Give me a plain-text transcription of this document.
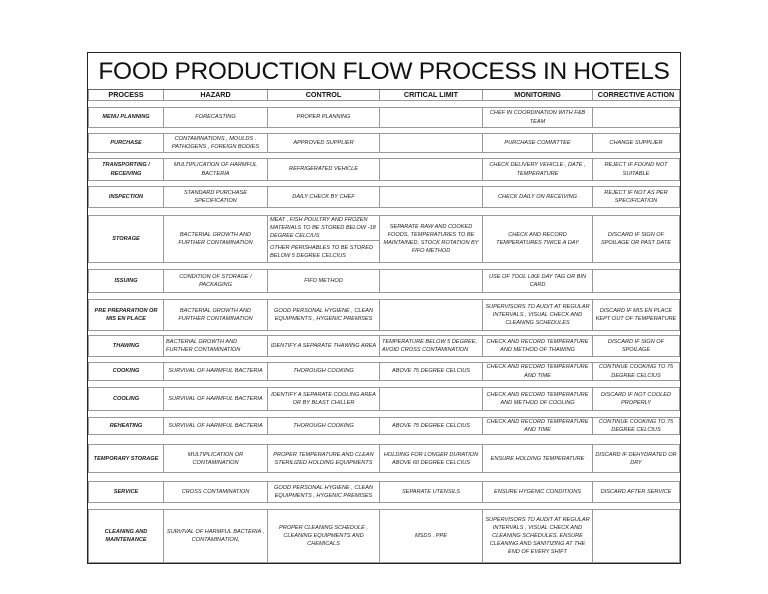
FOOD PRODUCTION FLOW PROCESS IN HOTELS
PROCESS	HAZARD	CONTROL	CRITICAL LIMIT	MONITORING	CORRECTIVE ACTION

MENU PLANNING	FORECASTING	PROPER PLANNING		CHEF IN COORDINATION WITH F&B TEAM	

PURCHASE	CONTAMINATIONS , MOULDS . PATHOGENS , FOREIGN BODIES	APPROVED SUPPLIER		PURCHASE COMMITTEE	CHANGE SUPPLIER

TRANSPORTING / RECEIVING	MULTIPLICATION OF HARMFUL BACTERIA	REFRIGERATED VEHICLE		CHECK DELIVERY VEHICLE , DATE , TEMPERATURE	REJECT IF FOUND NOT SUITABLE

INSPECTION	STANDARD PURCHASE SPECIFICATION	DAILY CHECK BY CHEF		CHECK DAILY ON RECEIVING	REJECT IF NOT AS PER SPECIFICATION

STORAGE	BACTERIAL GROWTH AND FURTHER CONTAMINATION	MEAT , FISH POULTRY AND FROZEN MATERIALS TO BE STORED BELOW -18 DEGREE CELCIUS
OTHER PERISHABLES TO BE STORED BELOW 5 DEGREE CELCIUS	SEPARATE RAW AND COOKED FOODS, TEMPERATURES TO BE MAINTAINED, STOCK ROTATION BY FIFO METHOD	CHECK AND RECORD TEMPERATURES TWICE A DAY	DISCARD IF SIGN OF SPOILAGE OR PAST DATE

ISSUING	CONDITION OF STORAGE / PACKAGING	FIFO METHOD		USE OF TOOL LIKE DAY TAG OR BIN CARD	

PRE PREPARATION OR MIS EN PLACE	BACTERIAL GROWTH AND FURTHER CONTAMINATION	GOOD PERSONAL HYGIENE , CLEAN EQUIPMENTS , HYGENIC PREMISES		SUPERVISORS TO AUDIT AT REGULAR INTERVALS , VISUAL CHECK AND CLEANING SCHEDULES	DISCARD IF MIS EN PLACE KEPT OUT OF TEMPERATURE

THAWING	BACTERIAL GROWTH AND FURTHER CONTAMINATION	IDENTIFY A SEPARATE THAWING AREA	TEMPERATURE BELOW 5 DEGREE, AVOID CROSS CONTAMINATION	CHECK AND RECORD TEMPERATURE AND METHOD OF THAWING	DISCARD IF SIGN OF SPOILAGE

COOKING	SURVIVAL OF HARMFUL BACTERIA	THOROUGH COOKING	ABOVE 75 DEGREE CELCIUS	CHECK AND RECORD TEMPERATURE AND TIME	CONTINUE COOKING TO 75 DEGREE CELCIUS

COOLING	SURVIVAL OF HARMFUL BACTERIA	IDENTIFY A SEPARATE COOLING AREA OR BY BLAST CHILLER		CHECK AND RECORD TEMPERATURE AND METHOD OF COOLING	DISCARD IF NOT COOLED PROPERLY

REHEATING	SURVIVAL OF HARMFUL BACTERIA	THOROUGH COOKING	ABOVE 75 DEGREE CELCIUS	CHECK AND RECORD TEMPERATURE AND TIME	CONTINUE COOKING TO 75 DEGREE CELCIUS

TEMPORARY STORAGE	MULTIPLICATION OR CONTAMINATION	PROPER TEMPERATURE AND CLEAN STERILIZED HOLDING EQUIPMENTS	HOLDING FOR LONGER DURATION ABOVE 60 DEGREE CELCIUS	ENSURE HOLDING TEMPERATURE	DISCARD IF DEHYDRATED OR DRY

SERVICE	CROSS CONTAMINATION	GOOD PERSONAL HYGIENE , CLEAN EQUIPMENTS , HYGENIC PREMISES	SEPARATE UTENSILS	ENSURE HYGENIC CONDITIONS	DISCARD AFTER SERVICE

CLEANING AND MAINTENANCE	SURVIVAL OF HARMFUL BACTERIA , CONTAMINATION,	PROPER CLEANING SCHEDULE , CLEANING EQUIPMENTS AND CHEMICALS	MSDS . PPE	SUPERVISORS TO AUDIT AT REGULAR INTERVALS , VISUAL CHECK AND CLEANING SCHEDULES, ENSURE CLEANING AND SANITIZING AT THE END OF EVERY SHIFT	
